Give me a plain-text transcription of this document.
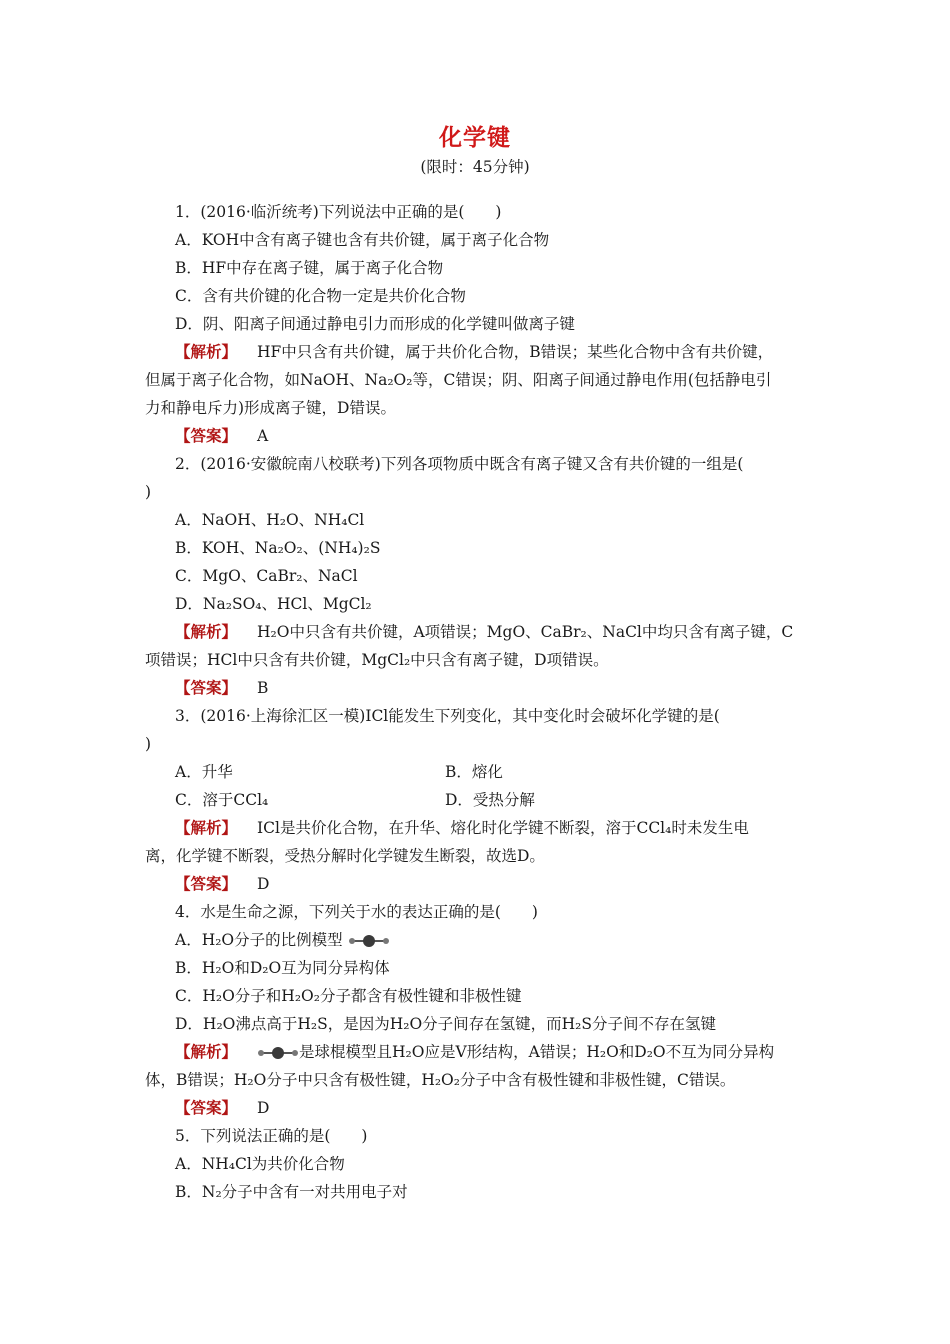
化学键
(限时：45分钟)
1．(2016·临沂统考)下列说法中正确的是(　　)
A．KOH中含有离子键也含有共价键，属于离子化合物
B．HF中存在离子键，属于离子化合物
C．含有共价键的化合物一定是共价化合物
D．阴、阳离子间通过静电引力而形成的化学键叫做离子键
【解析】 HF中只含有共价键，属于共价化合物，B错误；某些化合物中含有共价键，
但属于离子化合物，如NaOH、Na₂O₂等，C错误；阴、阳离子间通过静电作用(包括静电引
力和静电斥力)形成离子键，D错误。
【答案】 A
2．(2016·安徽皖南八校联考)下列各项物质中既含有离子键又含有共价键的一组是(
)
A．NaOH、H₂O、NH₄Cl
B．KOH、Na₂O₂、(NH₄)₂S
C．MgO、CaBr₂、NaCl
D．Na₂SO₄、HCl、MgCl₂
【解析】 H₂O中只含有共价键，A项错误；MgO、CaBr₂、NaCl中均只含有离子键，C
项错误；HCl中只含有共价键，MgCl₂中只含有离子键，D项错误。
【答案】 B
3．(2016·上海徐汇区一模)ICl能发生下列变化，其中变化时会破坏化学键的是(
)
A．升华	B．熔化
C．溶于CCl₄	D．受热分解
【解析】 ICl是共价化合物，在升华、熔化时化学键不断裂，溶于CCl₄时未发生电
离，化学键不断裂，受热分解时化学键发生断裂，故选D。
【答案】 D
4．水是生命之源，下列关于水的表达正确的是(　　)
A．H₂O分子的比例模型
B．H₂O和D₂O互为同分异构体
C．H₂O分子和H₂O₂分子都含有极性键和非极性键
D．H₂O沸点高于H₂S，是因为H₂O分子间存在氢键，而H₂S分子间不存在氢键
【解析】	是球棍模型且H₂O应是V形结构，A错误；H₂O和D₂O不互为同分异构
体，B错误；H₂O分子中只含有极性键，H₂O₂分子中含有极性键和非极性键，C错误。
【答案】 D
5．下列说法正确的是(　　)
A．NH₄Cl为共价化合物
B．N₂分子中含有一对共用电子对
